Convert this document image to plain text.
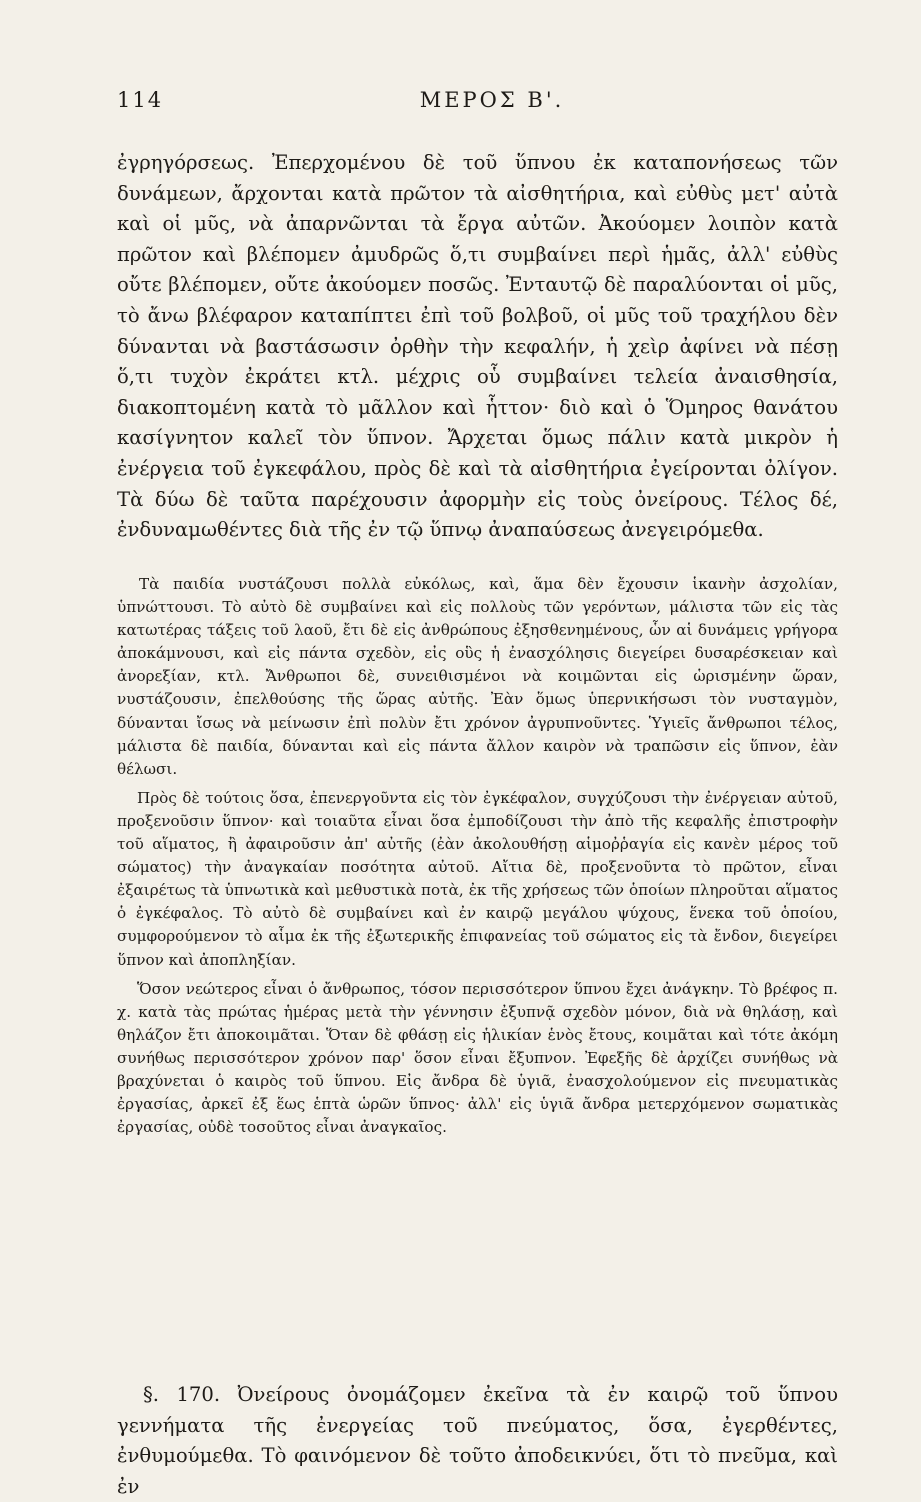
114	ΜΕΡΟΣ Β'.

ἐγρηγόρσεως. Ἐπερχομένου δὲ τοῦ ὕπνου ἐκ καταπονήσεως τῶν δυνάμεων, ἄρχονται κατὰ πρῶτον τὰ αἰσθητήρια, καὶ εὐθὺς μετ' αὐτὰ καὶ οἱ μῦς, νὰ ἀπαρνῶνται τὰ ἔργα αὐτῶν. Ἀκούομεν λοιπὸν κατὰ πρῶτον καὶ βλέπομεν ἀμυδρῶς ὅ,τι συμβαίνει περὶ ἡμᾶς, ἀλλ' εὐθὺς οὔτε βλέπομεν, οὔτε ἀκούομεν ποσῶς. Ἐνταυτῷ δὲ παραλύονται οἱ μῦς, τὸ ἄνω βλέφαρον καταπίπτει ἐπὶ τοῦ βολβοῦ, οἱ μῦς τοῦ τραχήλου δὲν δύνανται νὰ βαστάσωσιν ὀρθὴν τὴν κεφαλήν, ἡ χεὶρ ἀφίνει νὰ πέσῃ ὅ,τι τυχὸν ἐκράτει κτλ. μέχρις οὗ συμβαίνει τελεία ἀναισθησία, διακοπτομένη κατὰ τὸ μᾶλλον καὶ ἧττον· διὸ καὶ ὁ Ὅμηρος θανάτου κασίγνητον καλεῖ τὸν ὕπνον. Ἄρχεται ὅμως πάλιν κατὰ μικρὸν ἡ ἐνέργεια τοῦ ἐγκεφάλου, πρὸς δὲ καὶ τὰ αἰσθητήρια ἐγείρονται ὀλίγον. Τὰ δύω δὲ ταῦτα παρέχουσιν ἀφορμὴν εἰς τοὺς ὀνείρους. Τέλος δέ, ἐνδυναμωθέντες διὰ τῆς ἐν τῷ ὕπνῳ ἀναπαύσεως ἀνεγειρόμεθα.

Τὰ παιδία νυστάζουσι πολλὰ εὐκόλως, καὶ, ἅμα δὲν ἔχουσιν ἱκανὴν ἀσχολίαν, ὑπνώττουσι. Τὸ αὐτὸ δὲ συμβαίνει καὶ εἰς πολλοὺς τῶν γερόντων, μάλιστα τῶν εἰς τὰς κατωτέρας τάξεις τοῦ λαοῦ, ἔτι δὲ εἰς ἀνθρώπους ἐξησθενημένους, ὧν αἱ δυνάμεις γρήγορα ἀποκάμνουσι, καὶ εἰς πάντα σχεδὸν, εἰς οὓς ἡ ἐνασχόλησις διεγείρει δυσαρέσκειαν καὶ ἀνορεξίαν, κτλ. Ἄνθρωποι δὲ, συνειθισμένοι νὰ κοιμῶνται εἰς ὡρισμένην ὥραν, νυστάζουσιν, ἐπελθούσης τῆς ὥρας αὐτῆς. Ἐὰν ὅμως ὑπερνικήσωσι τὸν νυσταγμὸν, δύνανται ἴσως νὰ μείνωσιν ἐπὶ πολὺν ἔτι χρόνον ἀγρυπνοῦντες. Ὑγιεῖς ἄνθρωποι τέλος, μάλιστα δὲ παιδία, δύνανται καὶ εἰς πάντα ἄλλον καιρὸν νὰ τραπῶσιν εἰς ὕπνον, ἐὰν θέλωσι.

Πρὸς δὲ τούτοις ὅσα, ἐπενεργοῦντα εἰς τὸν ἐγκέφαλον, συγχύζουσι τὴν ἐνέργειαν αὐτοῦ, προξενοῦσιν ὕπνον· καὶ τοιαῦτα εἶναι ὅσα ἐμποδίζουσι τὴν ἀπὸ τῆς κεφαλῆς ἐπιστροφὴν τοῦ αἵματος, ἢ ἀφαιροῦσιν ἀπ' αὐτῆς (ἐὰν ἀκολουθήσῃ αἱμοῤῥαγία εἰς κανὲν μέρος τοῦ σώματος) τὴν ἀναγκαίαν ποσότητα αὐτοῦ. Αἴτια δὲ, προξενοῦντα τὸ πρῶτον, εἶναι ἐξαιρέτως τὰ ὑπνωτικὰ καὶ μεθυστικὰ ποτὰ, ἐκ τῆς χρήσεως τῶν ὁποίων πληροῦται αἵματος ὁ ἐγκέφαλος. Τὸ αὐτὸ δὲ συμβαίνει καὶ ἐν καιρῷ μεγάλου ψύχους, ἕνεκα τοῦ ὁποίου, συμφορούμενον τὸ αἷμα ἐκ τῆς ἐξωτερικῆς ἐπιφανείας τοῦ σώματος εἰς τὰ ἔνδον, διεγείρει ὕπνον καὶ ἀποπληξίαν.

Ὅσον νεώτερος εἶναι ὁ ἄνθρωπος, τόσον περισσότερον ὕπνου ἔχει ἀνάγκην. Τὸ βρέφος π. χ. κατὰ τὰς πρώτας ἡμέρας μετὰ τὴν γέννησιν ἐξυπνᾷ σχεδὸν μόνον, διὰ νὰ θηλάσῃ, καὶ θηλάζον ἔτι ἀποκοιμᾶται. Ὅταν δὲ φθάσῃ εἰς ἡλικίαν ἑνὸς ἔτους, κοιμᾶται καὶ τότε ἀκόμη συνήθως περισσότερον χρόνον παρ' ὅσον εἶναι ἔξυπνον. Ἐφεξῆς δὲ ἀρχίζει συνήθως νὰ βραχύνεται ὁ καιρὸς τοῦ ὕπνου. Εἰς ἄνδρα δὲ ὑγιᾶ, ἐνασχολούμενον εἰς πνευματικὰς ἐργασίας, ἀρκεῖ ἐξ ἕως ἑπτὰ ὡρῶν ὕπνος· ἀλλ' εἰς ὑγιᾶ ἄνδρα μετερχόμενον σωματικὰς ἐργασίας, οὐδὲ τοσοῦτος εἶναι ἀναγκαῖος.

§. 170. Ὀνείρους ὀνομάζομεν ἐκεῖνα τὰ ἐν καιρῷ τοῦ ὕπνου γεννήματα τῆς ἐνεργείας τοῦ πνεύματος, ὅσα, ἐγερθέντες, ἐνθυμούμεθα. Τὸ φαινόμενον δὲ τοῦτο ἀποδεικνύει, ὅτι τὸ πνεῦμα, καὶ ἐν
